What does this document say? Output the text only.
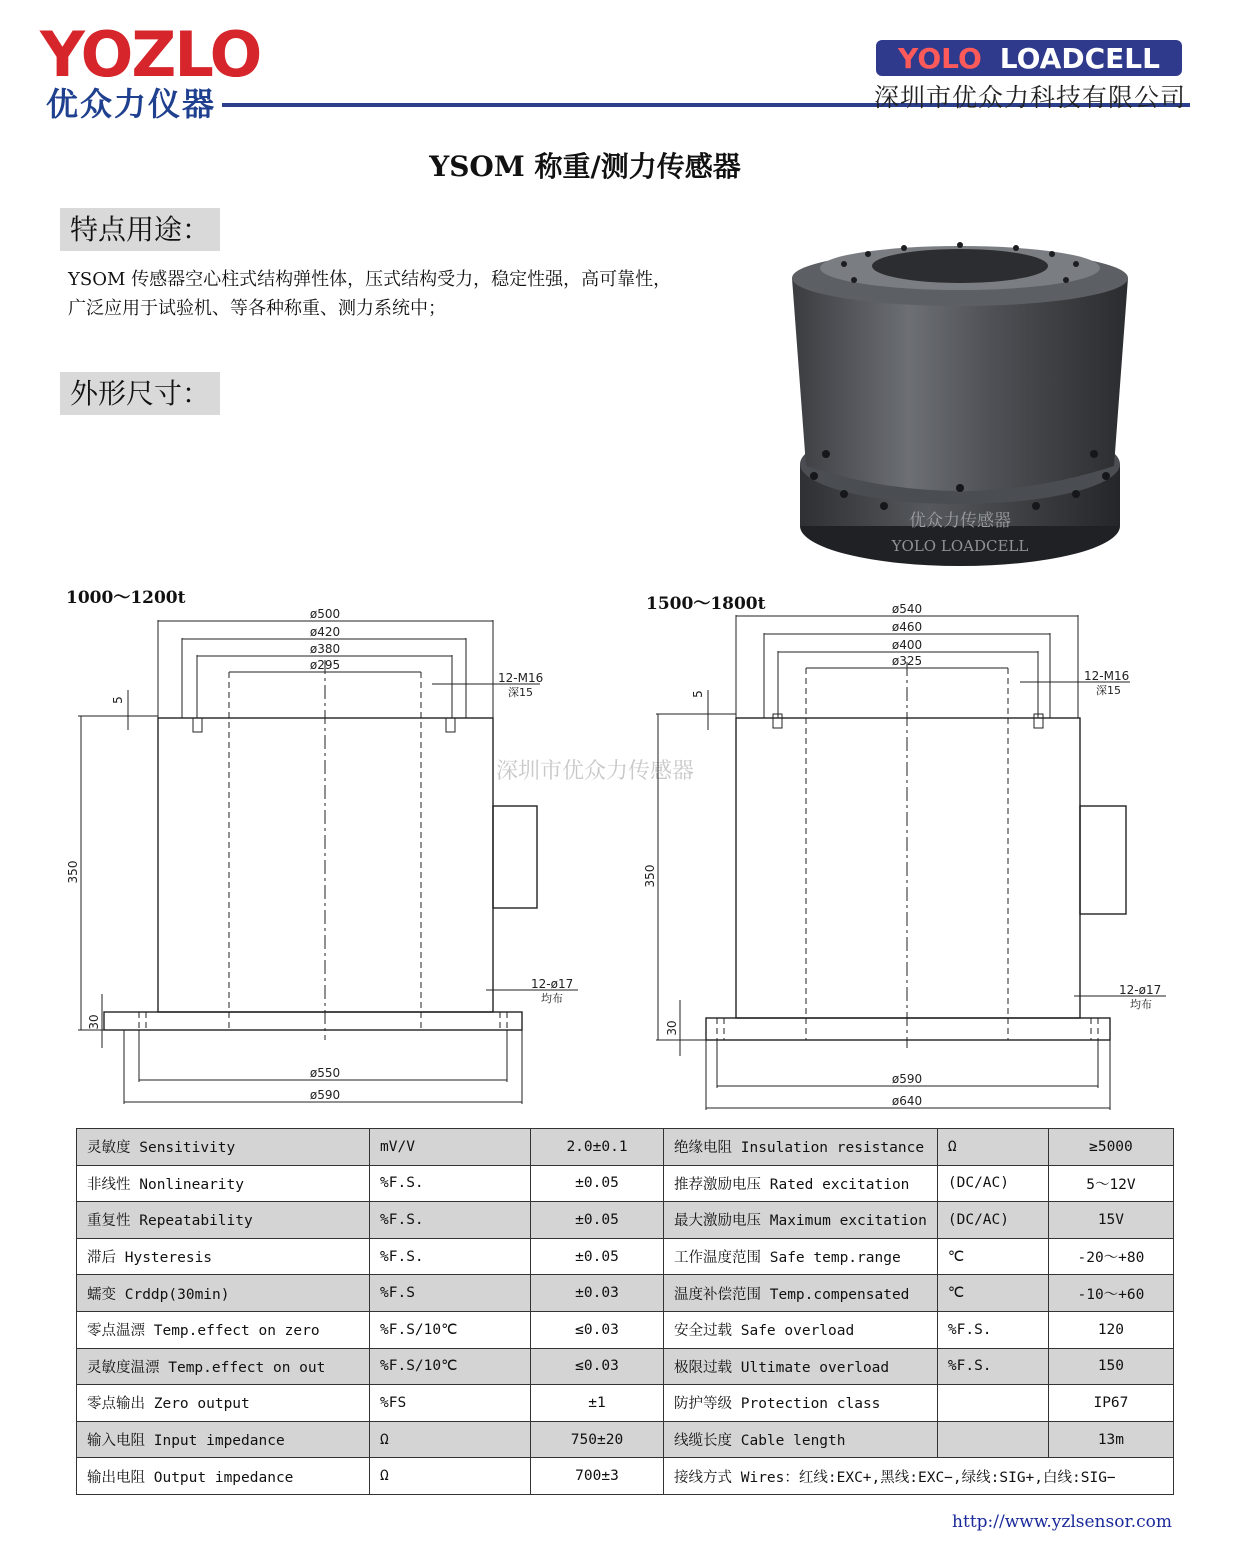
YOZLO
优众力仪器
YOLO LOADCELL
深圳市优众力科技有限公司
YSOM 称重/测力传感器
特点用途：
YSOM 传感器空心柱式结构弹性体，压式结构受力，稳定性强，高可靠性，
广泛应用于试验机、等各种称重、测力系统中；
外形尺寸：
优众力传感器
YOLO LOADCELL
1000～1200t	1500～1800t
深圳市优众力传感器
ø500
ø420
ø380
ø295
12-M16
深15
5
350
30
12-ø17
均布
ø550
ø590
ø540
ø460
ø400
ø325
12-M16
深15
5
350
30
12-ø17
均布
ø590
ø640
灵敏度 Sensitivity	mV/V	2.0±0.1	绝缘电阻 Insulation resistance	Ω	≥5000
非线性 Nonlinearity	%F.S.	±0.05	推荐激励电压 Rated excitation	(DC/AC)	5～12V
重复性 Repeatability	%F.S.	±0.05	最大激励电压 Maximum excitation	(DC/AC)	15V
滞后 Hysteresis	%F.S.	±0.05	工作温度范围 Safe temp.range	℃	-20～+80
蠕变 Crddp(30min)	%F.S	±0.03	温度补偿范围 Temp.compensated	℃	-10～+60
零点温漂 Temp.effect on zero	%F.S/10℃	≤0.03	安全过载 Safe overload	%F.S.	120
灵敏度温漂 Temp.effect on out	%F.S/10℃	≤0.03	极限过载 Ultimate overload	%F.S.	150
零点输出 Zero output	%FS	±1	防护等级 Protection class		IP67
输入电阻 Input impedance	Ω	750±20	线缆长度 Cable length		13m
输出电阻 Output impedance	Ω	700±3	接线方式 Wires：红线:EXC+,黑线:EXC−,绿线:SIG+,白线:SIG−		
http://www.yzlsensor.com
